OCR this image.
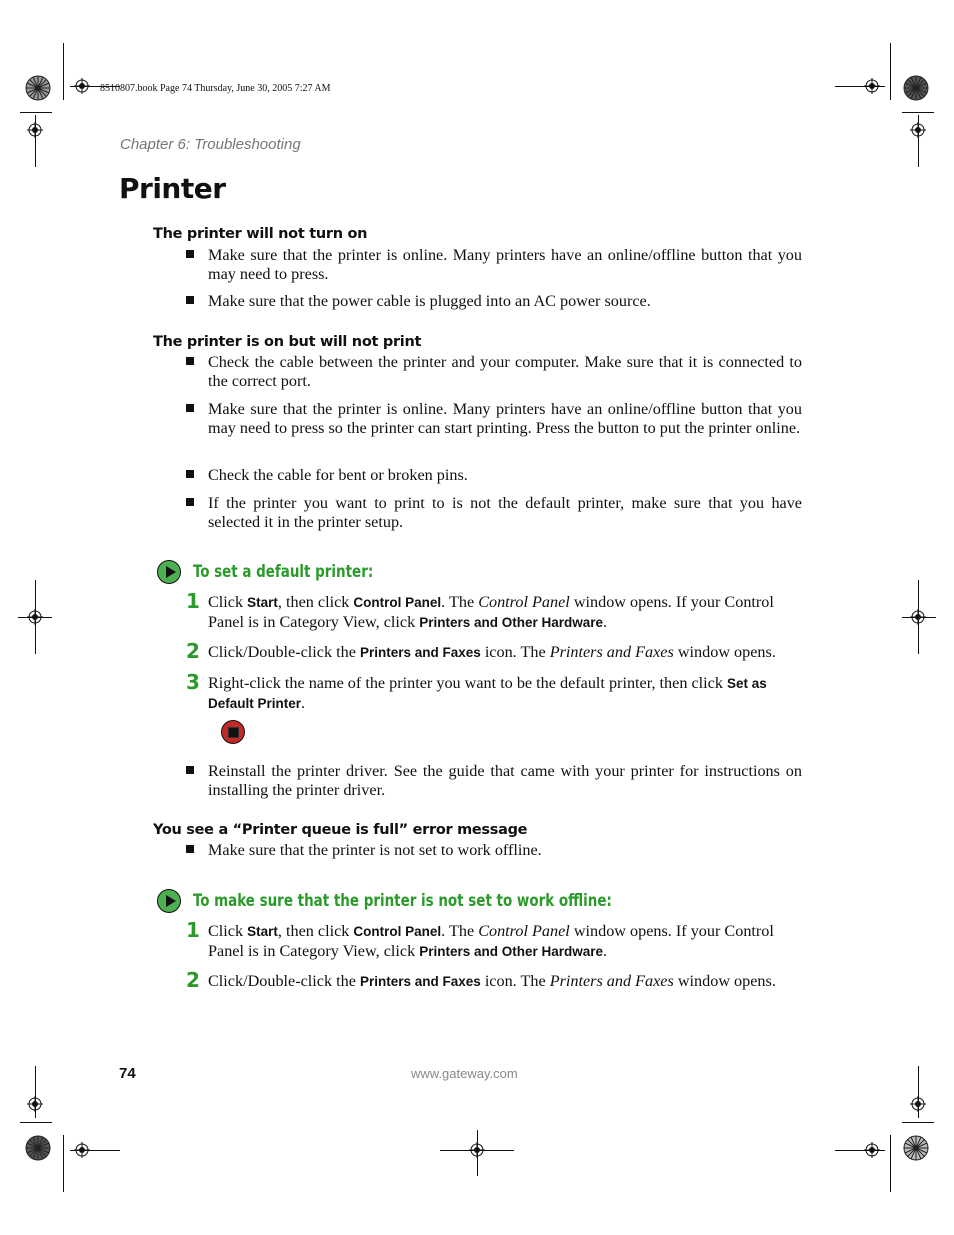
8510807.book Page 74 Thursday, June 30, 2005 7:27 AM
Chapter 6: Troubleshooting
Printer
The printer will not turn on
Make sure that the printer is online. Many printers have an online/offline button that you may need to press.
Make sure that the power cable is plugged into an AC power source.
The printer is on but will not print
Check the cable between the printer and your computer. Make sure that it is connected to the correct port.
Make sure that the printer is online. Many printers have an online/offline button that you may need to press so the printer can start printing. Press the button to put the printer online.
Check the cable for bent or broken pins.
If the printer you want to print to is not the default printer, make sure that you have selected it in the printer setup.
To set a default printer:
1 Click Start, then click Control Panel. The Control Panel window opens. If your Control Panel is in Category View, click Printers and Other Hardware.
2 Click/Double-click the Printers and Faxes icon. The Printers and Faxes window opens.
3 Right-click the name of the printer you want to be the default printer, then click Set as Default Printer.
Reinstall the printer driver. See the guide that came with your printer for instructions on installing the printer driver.
You see a “Printer queue is full” error message
Make sure that the printer is not set to work offline.
To make sure that the printer is not set to work offline:
1 Click Start, then click Control Panel. The Control Panel window opens. If your Control Panel is in Category View, click Printers and Other Hardware.
2 Click/Double-click the Printers and Faxes icon. The Printers and Faxes window opens.
74	www.gateway.com
